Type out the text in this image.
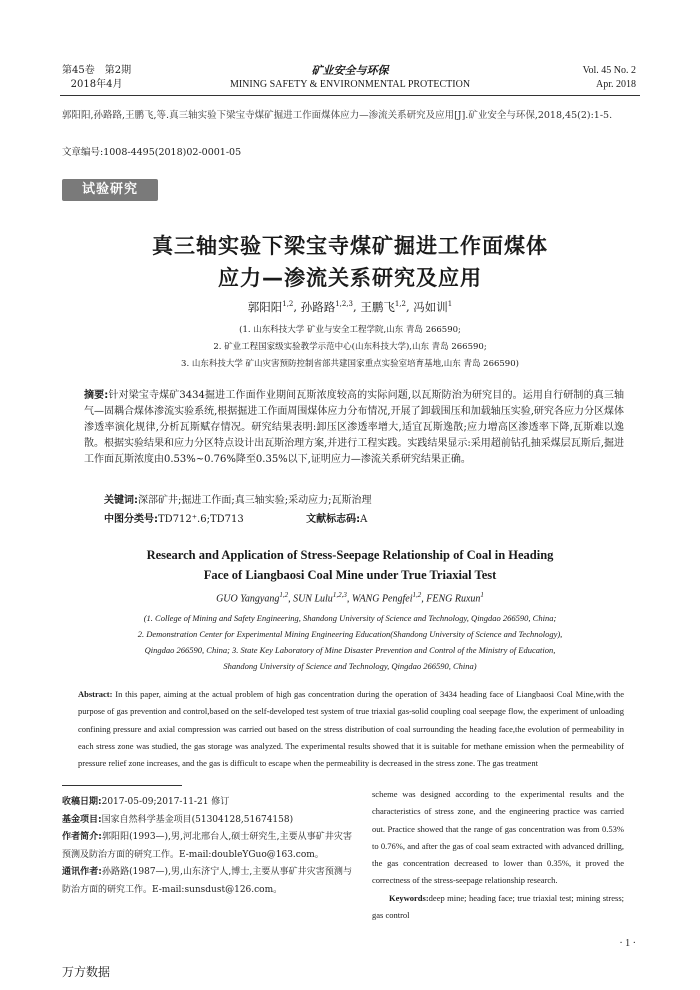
第45卷　第2期
2018年4月
矿业安全与环保
MINING SAFETY & ENVIRONMENTAL PROTECTION
Vol. 45 No. 2
Apr. 2018
郭阳阳,孙路路,王鹏飞,等.真三轴实验下梁宝寺煤矿掘进工作面煤体应力—渗流关系研究及应用[J].矿业安全与环保,2018,45(2):1-5.
文章编号:1008-4495(2018)02-0001-05
试验研究
真三轴实验下梁宝寺煤矿掘进工作面煤体
应力—渗流关系研究及应用
郭阳阳$^{1,2}$, 孙路路$^{1,2,3}$, 王鹏飞$^{1,2}$, 冯如训$^1$
(1. 山东科技大学 矿业与安全工程学院,山东 青岛 266590;
2. 矿业工程国家级实验教学示范中心(山东科技大学),山东 青岛 266590;
3. 山东科技大学 矿山灾害预防控制省部共建国家重点实验室培育基地,山东 青岛 266590)
摘要:针对梁宝寺煤矿3434掘进工作面作业期间瓦斯浓度较高的实际问题,以瓦斯防治为研究目的。运用自行研制的真三轴气—固耦合煤体渗流实验系统,根据掘进工作面周围煤体应力分布情况,开展了卸载围压和加载轴压实验,研究各应力分区煤体渗透率演化规律,分析瓦斯赋存情况。研究结果表明:卸压区渗透率增大,适宜瓦斯逸散;应力增高区渗透率下降,瓦斯难以逸散。根据实验结果和应力分区特点设计出瓦斯治理方案,并进行工程实践。实践结果显示:采用超前钻孔抽采煤层瓦斯后,掘进工作面瓦斯浓度由0.53%~0.76%降至0.35%以下,证明应力—渗流关系研究结果正确。
关键词:深部矿井;掘进工作面;真三轴实验;采动应力;瓦斯治理
中图分类号:TD712⁺.6;TD713	文献标志码:A
Research and Application of Stress-Seepage Relationship of Coal in Heading
Face of Liangbaosi Coal Mine under True Triaxial Test
GUO Yangyang$^{1,2}$, SUN Lulu$^{1,2,3}$, WANG Pengfei$^{1,2}$, FENG Ruxun$^1$
(1. College of Mining and Safety Engineering, Shandong University of Science and Technology, Qingdao 266590, China;
2. Demonstration Center for Experimental Mining Engineering Education(Shandong University of Science and Technology),
Qingdao 266590, China; 3. State Key Laboratory of Mine Disaster Prevention and Control of the Ministry of Education,
Shandong University of Science and Technology, Qingdao 266590, China)
Abstract: In this paper, aiming at the actual problem of high gas concentration during the operation of 3434 heading face of Liangbaosi Coal Mine,with the purpose of gas prevention and control,based on the self-developed test system of true triaxial gas-solid coupling coal seepage flow, the experiment of unloading confining pressure and axial compression was carried out based on the stress distribution of coal surrounding the heading face,the evolution of permeability in each stress zone was studied, the gas storage was analyzed. The experimental results showed that it is suitable for methane emission when the permeability of pressure relief zone increases, and the gas is difficult to escape when the permeability is decreased in the stress zone. The gas treatment
收稿日期:2017-05-09;2017-11-21 修订
基金项目:国家自然科学基金项目(51304128,51674158)
作者简介:郭阳阳(1993—),男,河北邢台人,硕士研究生,主要从事矿井灾害预测及防治方面的研究工作。E-mail:doubleYGuo@163.com。
通讯作者:孙路路(1987—),男,山东济宁人,博士,主要从事矿井灾害预测与防治方面的研究工作。E-mail:sunsdust@126.com。
scheme was designed according to the experimental results and the characteristics of stress zone, and the engineering practice was carried out. Practice showed that the range of gas concentration was from 0.53% to 0.76%, and after the gas of coal seam extracted with advanced drilling, the gas concentration decreased to lower than 0.35%, it proved the correctness of the stress-seepage relationship research.
Keywords:deep mine; heading face; true triaxial test; mining stress; gas control
· 1 ·
万方数据
